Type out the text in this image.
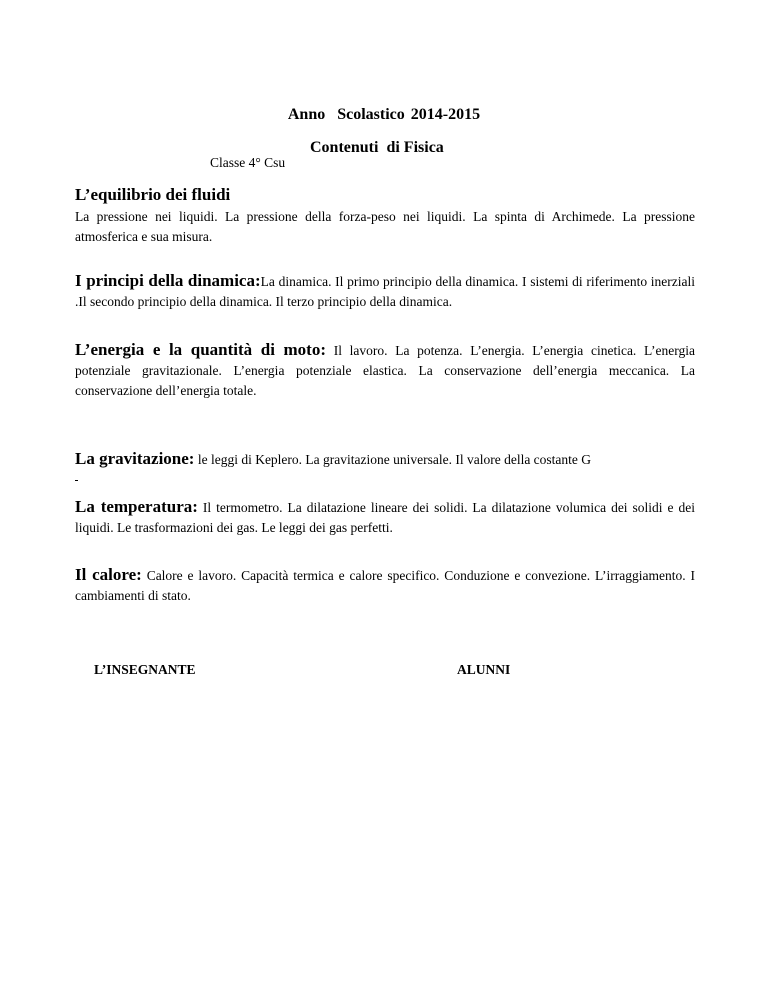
Anno  Scolastico 2014-2015
Contenuti  di Fisica
Classe 4° Csu
L’equilibrio dei fluidi
La pressione nei liquidi. La pressione della forza-peso nei liquidi. La spinta di Archimede. La pressione atmosferica e sua misura.
I principi della dinamica:La dinamica. Il primo principio della dinamica. I sistemi di riferimento inerziali .Il secondo principio della dinamica. Il terzo principio della dinamica.
L’energia e la quantità di moto: Il lavoro. La potenza. L’energia. L’energia cinetica. L’energia potenziale gravitazionale. L’energia potenziale elastica. La conservazione dell’energia meccanica. La conservazione dell’energia totale.
La gravitazione: le leggi di Keplero. La gravitazione universale. Il valore della costante G
La temperatura: Il termometro. La dilatazione lineare dei solidi. La dilatazione volumica dei solidi e dei liquidi. Le trasformazioni dei gas. Le leggi dei gas perfetti.
Il calore: Calore e lavoro. Capacità termica e calore specifico. Conduzione e convezione. L’irraggiamento. I cambiamenti di stato.
L’INSEGNANTE	ALUNNI
